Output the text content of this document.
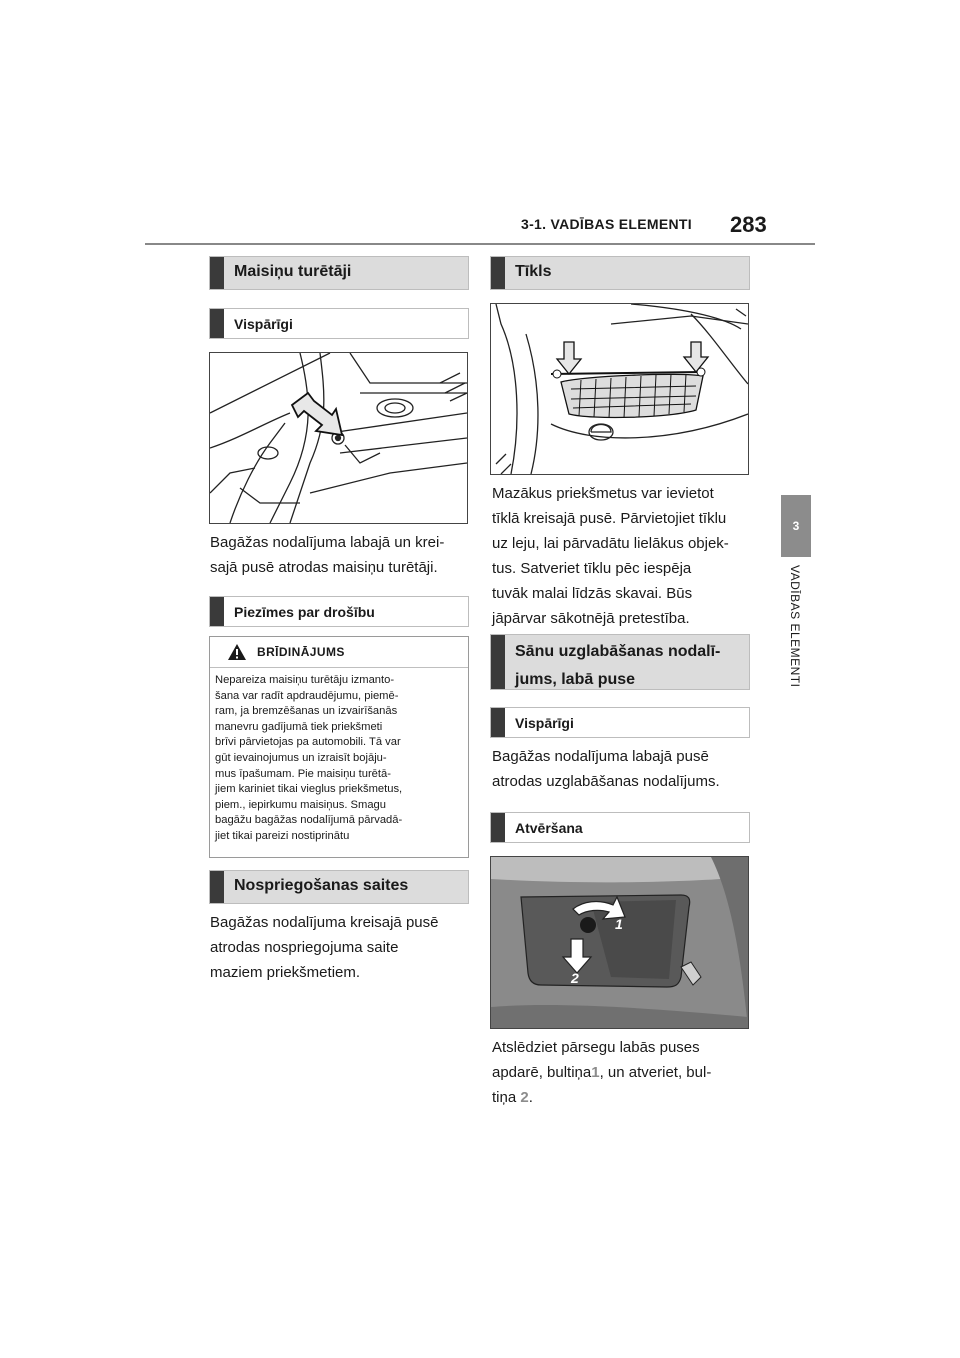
3-1. VADĪBAS ELEMENTI 283
3
VADĪBAS ELEMENTI
Maisiņu turētāji
Vispārīgi
Bagāžas nodalījuma labajā un krei-
sajā pusē atrodas maisiņu turētāji.
Piezīmes par drošību
BRĪDINĀJUMS
Nepareiza maisiņu turētāju izmanto-
šana var radīt apdraudējumu, piemē-
ram, ja bremzēšanas un izvairīšanās
manevru gadījumā tiek priekšmeti
brīvi pārvietojas pa automobili. Tā var
gūt ievainojumus un izraisīt bojāju-
mus īpašumam. Pie maisiņu turētā-
jiem kariniet tikai vieglus priekšmetus,
piem., iepirkumu maisiņus. Smagu
bagāžu bagāžas nodalījumā pārvadā-
jiet tikai pareizi nostiprinātu
Nospriegošanas saites
Bagāžas nodalījuma kreisajā pusē
atrodas nospriegojuma saite
maziem priekšmetiem.
Tīkls
Mazākus priekšmetus var ievietot
tīklā kreisajā pusē. Pārvietojiet tīklu
uz leju, lai pārvadātu lielākus objek-
tus. Satveriet tīklu pēc iespēja
tuvāk malai līdzās skavai. Būs
jāpārvar sākotnējā pretestība.
Sānu uzglabāšanas nodalī-
jums, labā puse
Vispārīgi
Bagāžas nodalījuma labajā pusē
atrodas uzglabāšanas nodalījums.
Atvēršana
1
2
Atslēdziet pārsegu labās puses
apdarē, bultiņa1, un atveriet, bul-
tiņa 2.
